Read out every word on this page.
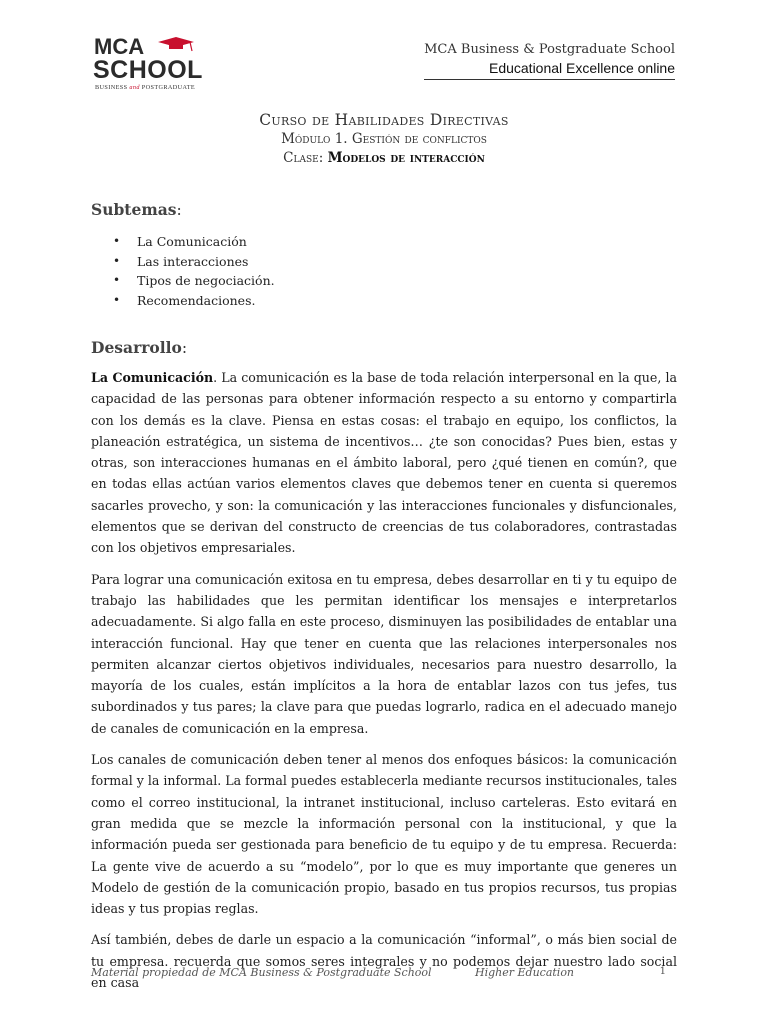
MCA
SCHOOL
BUSINESS and POSTGRADUATE
MCA Business & Postgraduate School
Educational Excellence online
Curso de Habilidades Directivas
Módulo 1. Gestión de conflictos
Clase: Modelos de interacción
Subtemas:
• La Comunicación
• Las interacciones
• Tipos de negociación.
• Recomendaciones.
Desarrollo:

La Comunicación. La comunicación es la base de toda relación interpersonal en la que, la capacidad de las personas para obtener información respecto a su entorno y compartirla con los demás es la clave. Piensa en estas cosas: el trabajo en equipo, los conflictos, la planeación estratégica, un sistema de incentivos… ¿te son conocidas? Pues bien, estas y otras, son interacciones humanas en el ámbito laboral, pero ¿qué tienen en común?, que en todas ellas actúan varios elementos claves que debemos tener en cuenta si queremos sacarles provecho, y son: la comunicación y las interacciones funcionales y disfuncionales, elementos que se derivan del constructo de creencias de tus colaboradores, contrastadas con los objetivos empresariales.

Para lograr una comunicación exitosa en tu empresa, debes desarrollar en ti y tu equipo de trabajo las habilidades que les permitan identificar los mensajes e interpretarlos adecuadamente. Si algo falla en este proceso, disminuyen las posibilidades de entablar una interacción funcional. Hay que tener en cuenta que las relaciones interpersonales nos permiten alcanzar ciertos objetivos individuales, necesarios para nuestro desarrollo, la mayoría de los cuales, están implícitos a la hora de entablar lazos con tus jefes, tus subordinados y tus pares; la clave para que puedas lograrlo, radica en el adecuado manejo de canales de comunicación en la empresa.

Los canales de comunicación deben tener al menos dos enfoques básicos: la comunicación formal y la informal. La formal puedes establecerla mediante recursos institucionales, tales como el correo institucional, la intranet institucional, incluso carteleras. Esto evitará en gran medida que se mezcle la información personal con la institucional, y que la información pueda ser gestionada para beneficio de tu equipo y de tu empresa. Recuerda: La gente vive de acuerdo a su “modelo”, por lo que es muy importante que generes un Modelo de gestión de la comunicación propio, basado en tus propios recursos, tus propias ideas y tus propias reglas.

Así también, debes de darle un espacio a la comunicación “informal”, o más bien social de tu empresa. recuerda que somos seres integrales y no podemos dejar nuestro lado social en casa

Material propiedad de MCA Business & Postgraduate School	Higher Education	1
